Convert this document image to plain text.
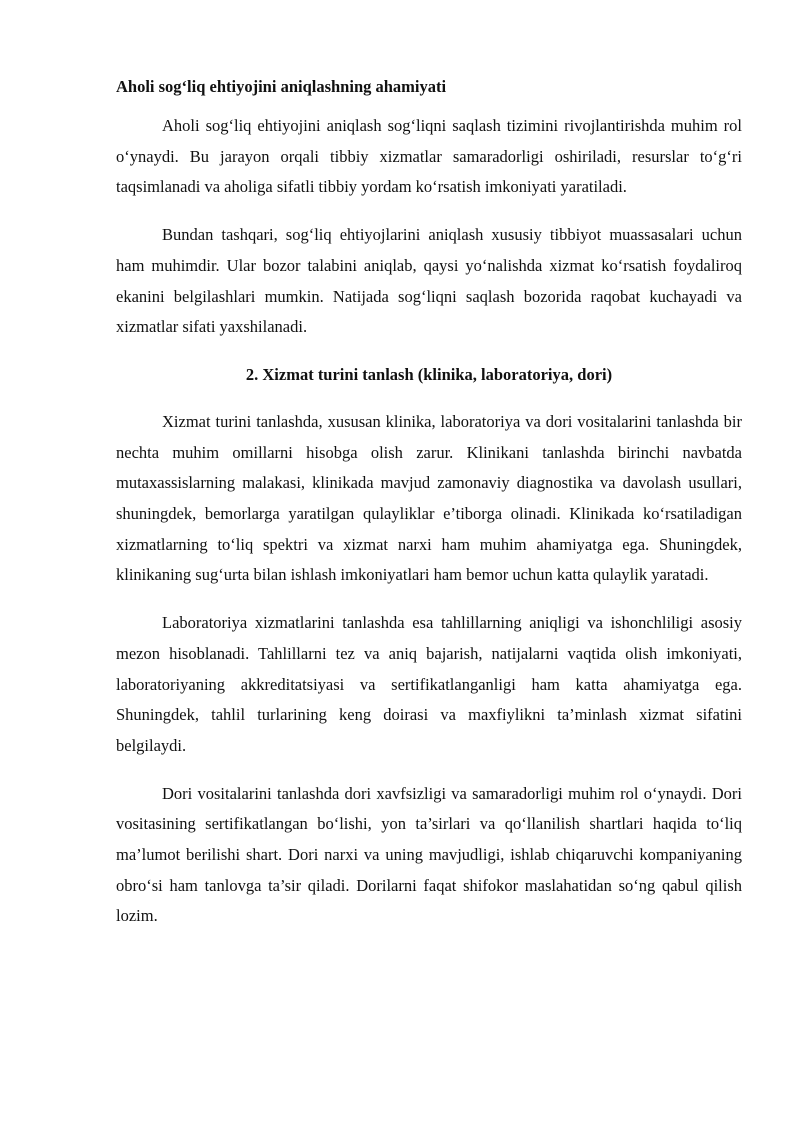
Aholi sog‘liq ehtiyojini aniqlashning ahamiyati

Aholi sog‘liq ehtiyojini aniqlash sog‘liqni saqlash tizimini rivojlantirishda muhim rol o‘ynaydi. Bu jarayon orqali tibbiy xizmatlar samaradorligi oshiriladi, resurslar to‘g‘ri taqsimlanadi va aholiga sifatli tibbiy yordam ko‘rsatish imkoniyati yaratiladi.

Bundan tashqari, sog‘liq ehtiyojlarini aniqlash xususiy tibbiyot muassasalari uchun ham muhimdir. Ular bozor talabini aniqlab, qaysi yo‘nalishda xizmat ko‘rsatish foydaliroq ekanini belgilashlari mumkin. Natijada sog‘liqni saqlash bozorida raqobat kuchayadi va xizmatlar sifati yaxshilanadi.

2. Xizmat turini tanlash (klinika, laboratoriya, dori)

Xizmat turini tanlashda, xususan klinika, laboratoriya va dori vositalarini tanlashda bir nechta muhim omillarni hisobga olish zarur. Klinikani tanlashda birinchi navbatda mutaxassislarning malakasi, klinikada mavjud zamonaviy diagnostika va davolash usullari, shuningdek, bemorlarga yaratilgan qulayliklar e’tiborga olinadi. Klinikada ko‘rsatiladigan xizmatlarning to‘liq spektri va xizmat narxi ham muhim ahamiyatga ega. Shuningdek, klinikaning sug‘urta bilan ishlash imkoniyatlari ham bemor uchun katta qulaylik yaratadi.

Laboratoriya xizmatlarini tanlashda esa tahlillarning aniqligi va ishonchliligi asosiy mezon hisoblanadi. Tahlillarni tez va aniq bajarish, natijalarni vaqtida olish imkoniyati, laboratoriyaning akkreditatsiyasi va sertifikatlanganligi ham katta ahamiyatga ega. Shuningdek, tahlil turlarining keng doirasi va maxfiylikni ta’minlash xizmat sifatini belgilaydi.

Dori vositalarini tanlashda dori xavfsizligi va samaradorligi muhim rol o‘ynaydi. Dori vositasining sertifikatlangan bo‘lishi, yon ta’sirlari va qo‘llanilish shartlari haqida to‘liq ma’lumot berilishi shart. Dori narxi va uning mavjudligi, ishlab chiqaruvchi kompaniyaning obro‘si ham tanlovga ta’sir qiladi. Dorilarni faqat shifokor maslahatidan so‘ng qabul qilish lozim.
